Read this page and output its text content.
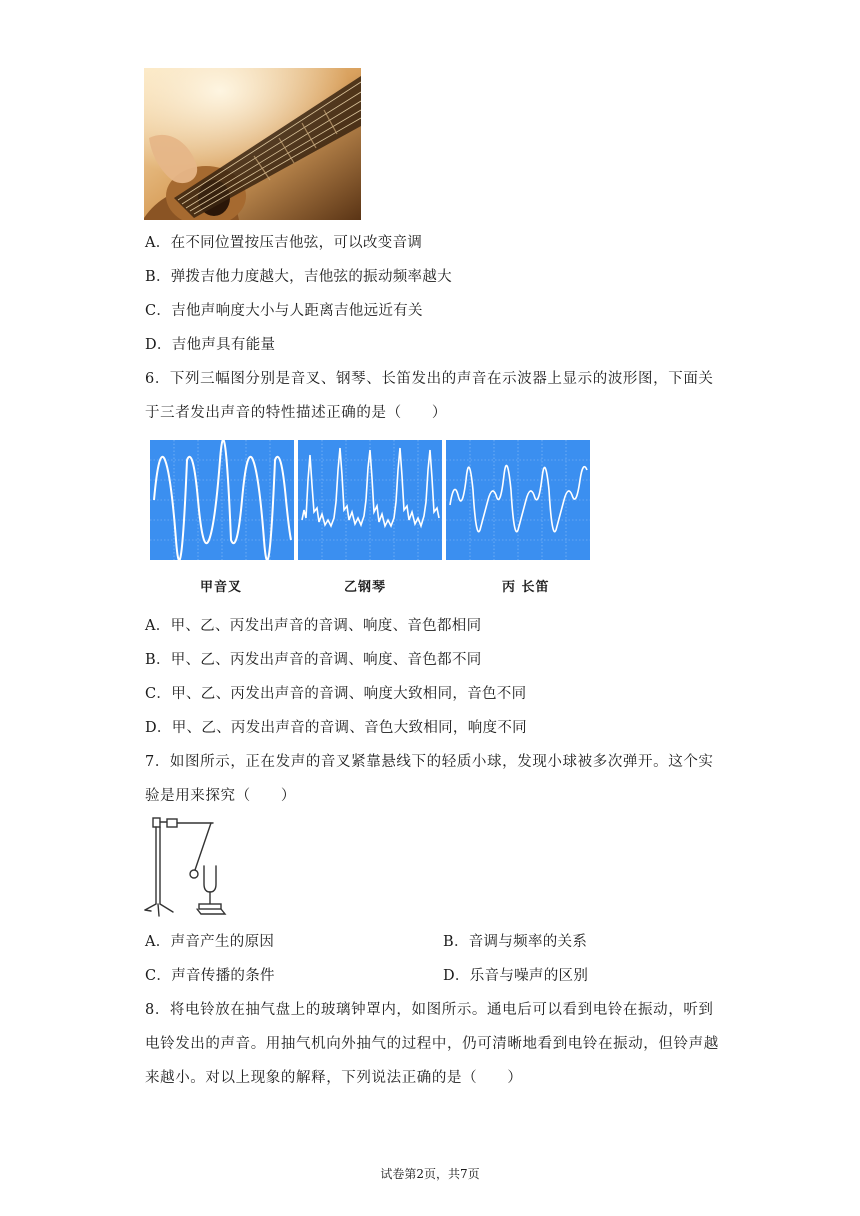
A．在不同位置按压吉他弦，可以改变音调
B．弹拨吉他力度越大，吉他弦的振动频率越大
C．吉他声响度大小与人距离吉他远近有关
D．吉他声具有能量
6．下列三幅图分别是音叉、钢琴、长笛发出的声音在示波器上显示的波形图，下面关
于三者发出声音的特性描述正确的是（　　）
甲音叉	乙钢琴	丙 长笛
A．甲、乙、丙发出声音的音调、响度、音色都相同
B．甲、乙、丙发出声音的音调、响度、音色都不同
C．甲、乙、丙发出声音的音调、响度大致相同，音色不同
D．甲、乙、丙发出声音的音调、音色大致相同，响度不同
7．如图所示，正在发声的音叉紧靠悬线下的轻质小球，发现小球被多次弹开。这个实
验是用来探究（　　）
A．声音产生的原因	B．音调与频率的关系
C．声音传播的条件	D．乐音与噪声的区别
8．将电铃放在抽气盘上的玻璃钟罩内，如图所示。通电后可以看到电铃在振动，听到
电铃发出的声音。用抽气机向外抽气的过程中，仍可清晰地看到电铃在振动，但铃声越
来越小。对以上现象的解释，下列说法正确的是（　　）
试卷第2页，共7页
